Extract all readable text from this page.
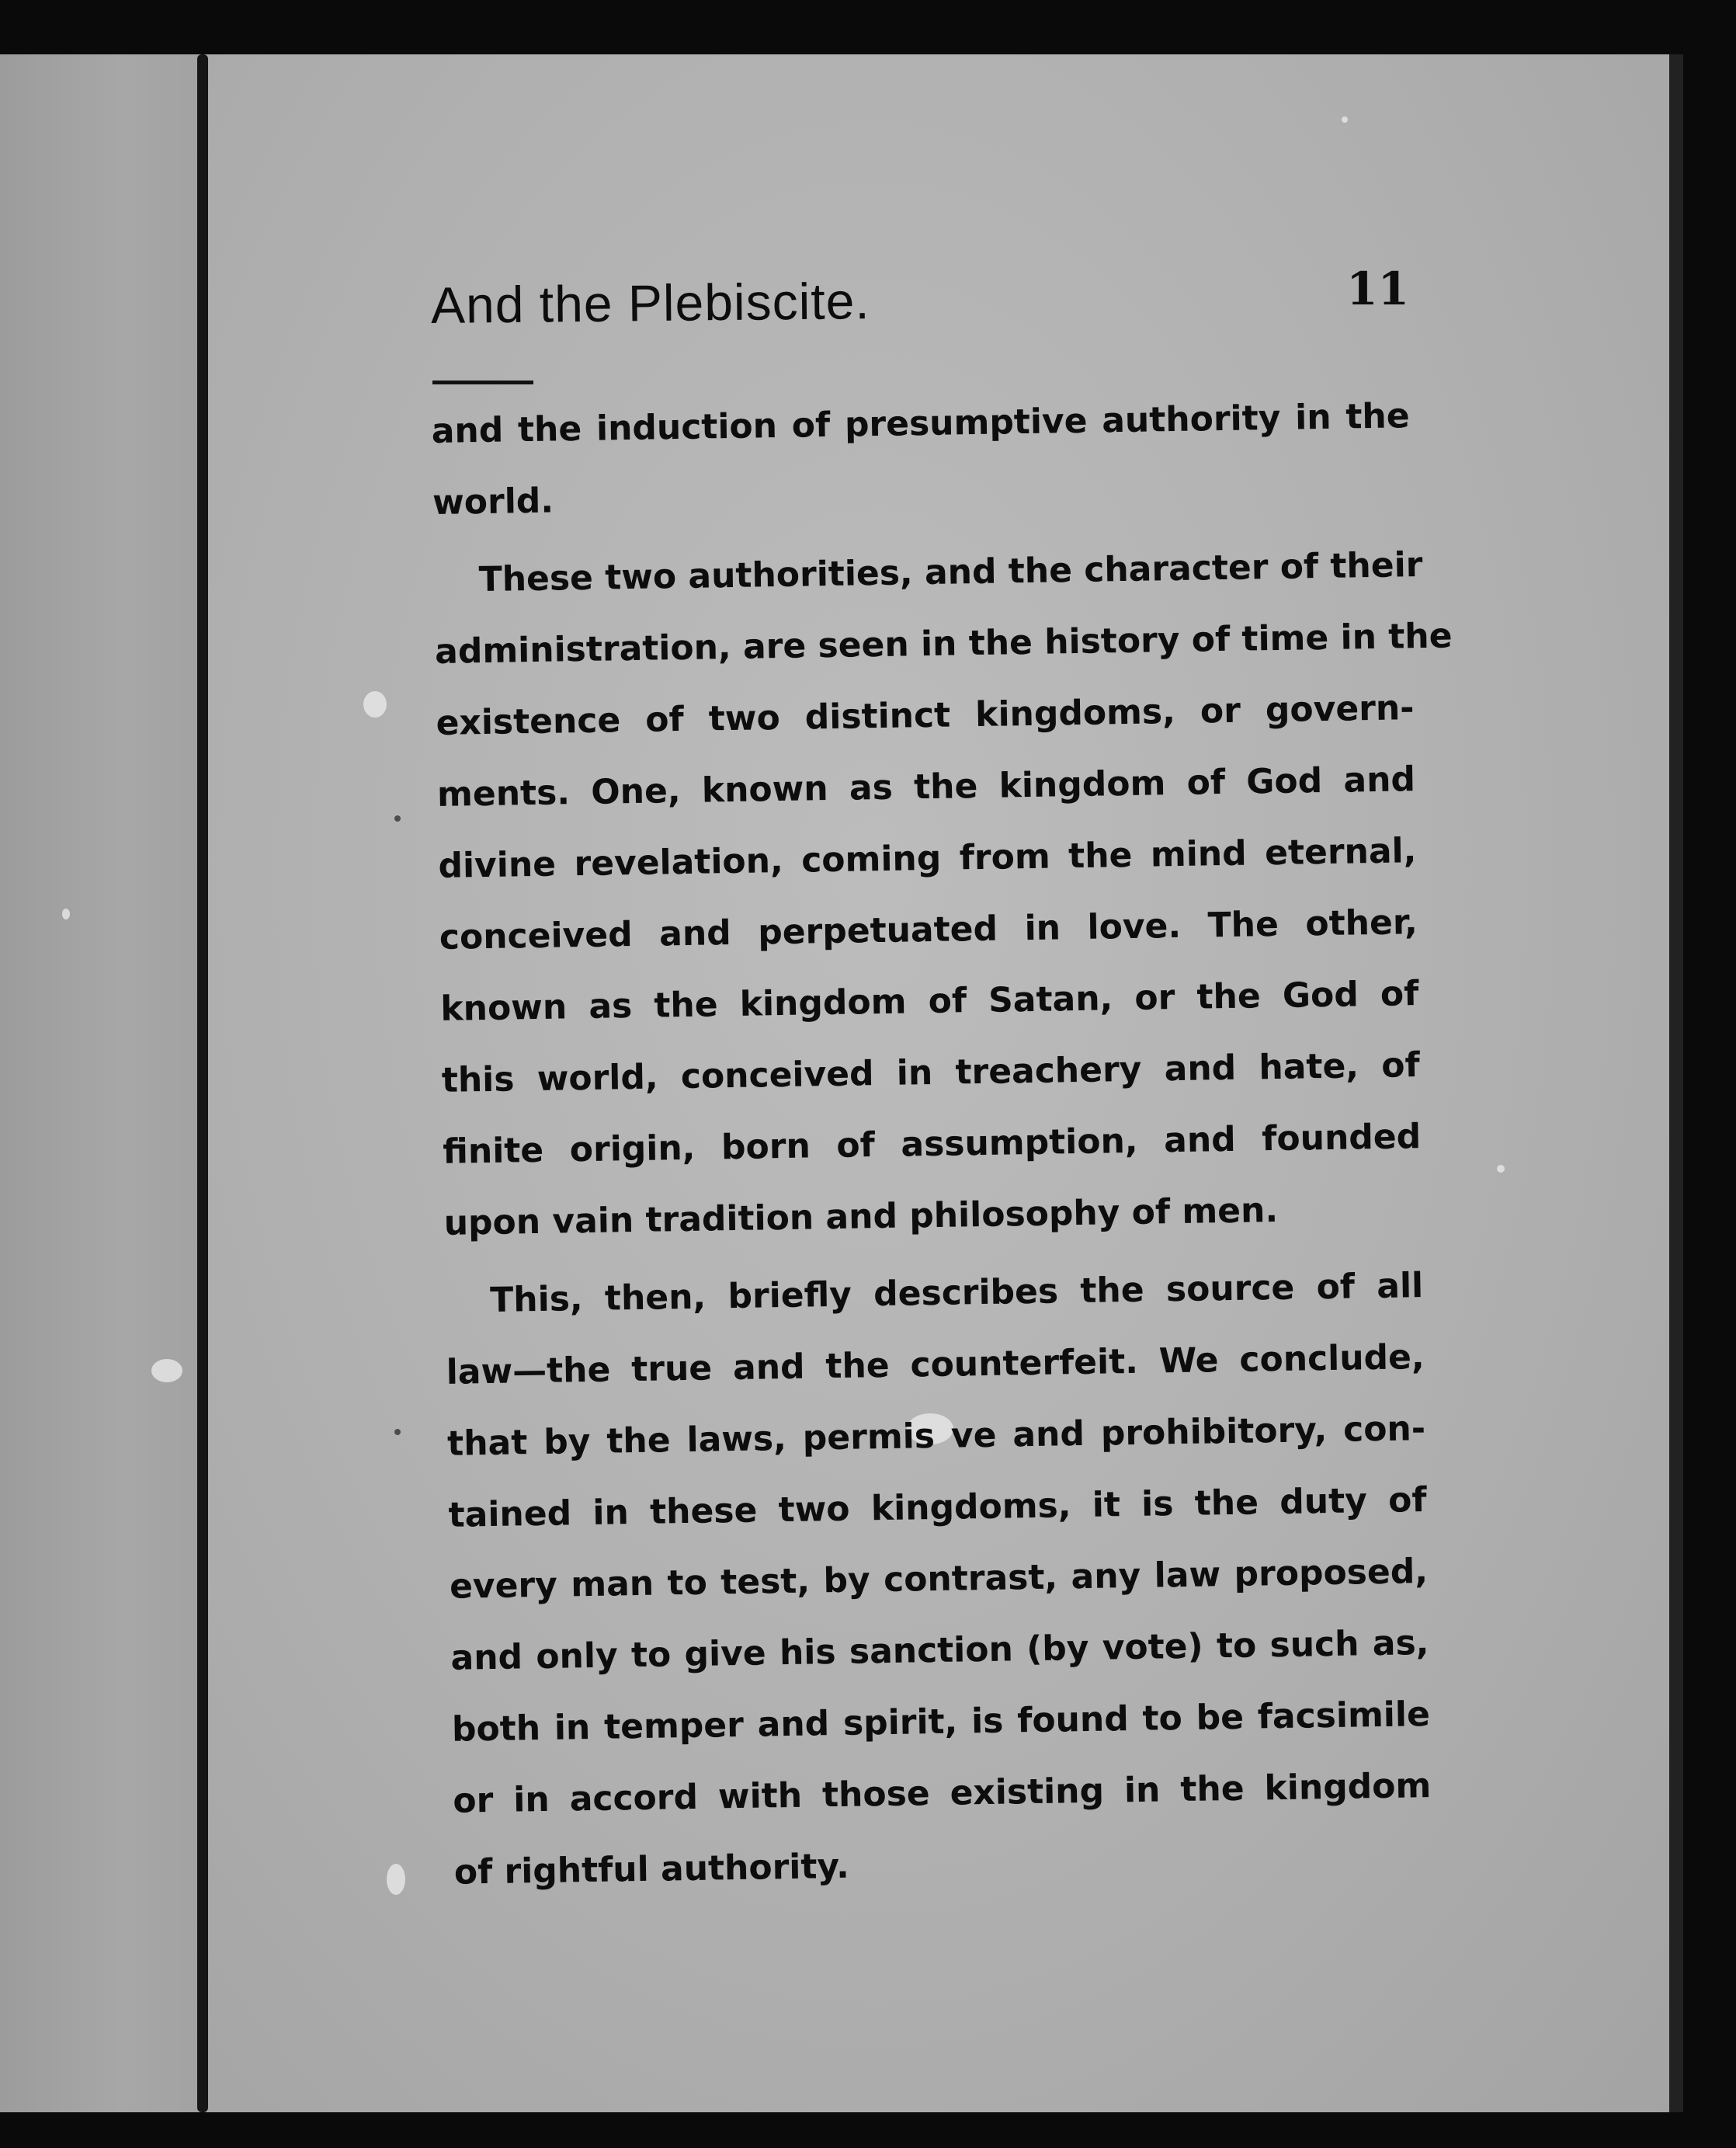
And the Plebiscite.	11
and the induction of presumptive authority in the
world.
These two authorities, and the character of their
administration, are seen in the history of time in the
existence of two distinct kingdoms, or govern-
ments. One, known as the kingdom of God and
divine revelation, coming from the mind eternal,
conceived and perpetuated in love. The other,
known as the kingdom of Satan, or the God of
this world, conceived in treachery and hate, of
finite origin, born of assumption, and founded
upon vain tradition and philosophy of men.
This, then, briefly describes the source of all
law—the true and the counterfeit. We conclude,
that by the laws, permis ve and prohibitory, con-
tained in these two kingdoms, it is the duty of
every man to test, by contrast, any law proposed,
and only to give his sanction (by vote) to such as,
both in temper and spirit, is found to be facsimile
or in accord with those existing in the kingdom
of rightful authority.
